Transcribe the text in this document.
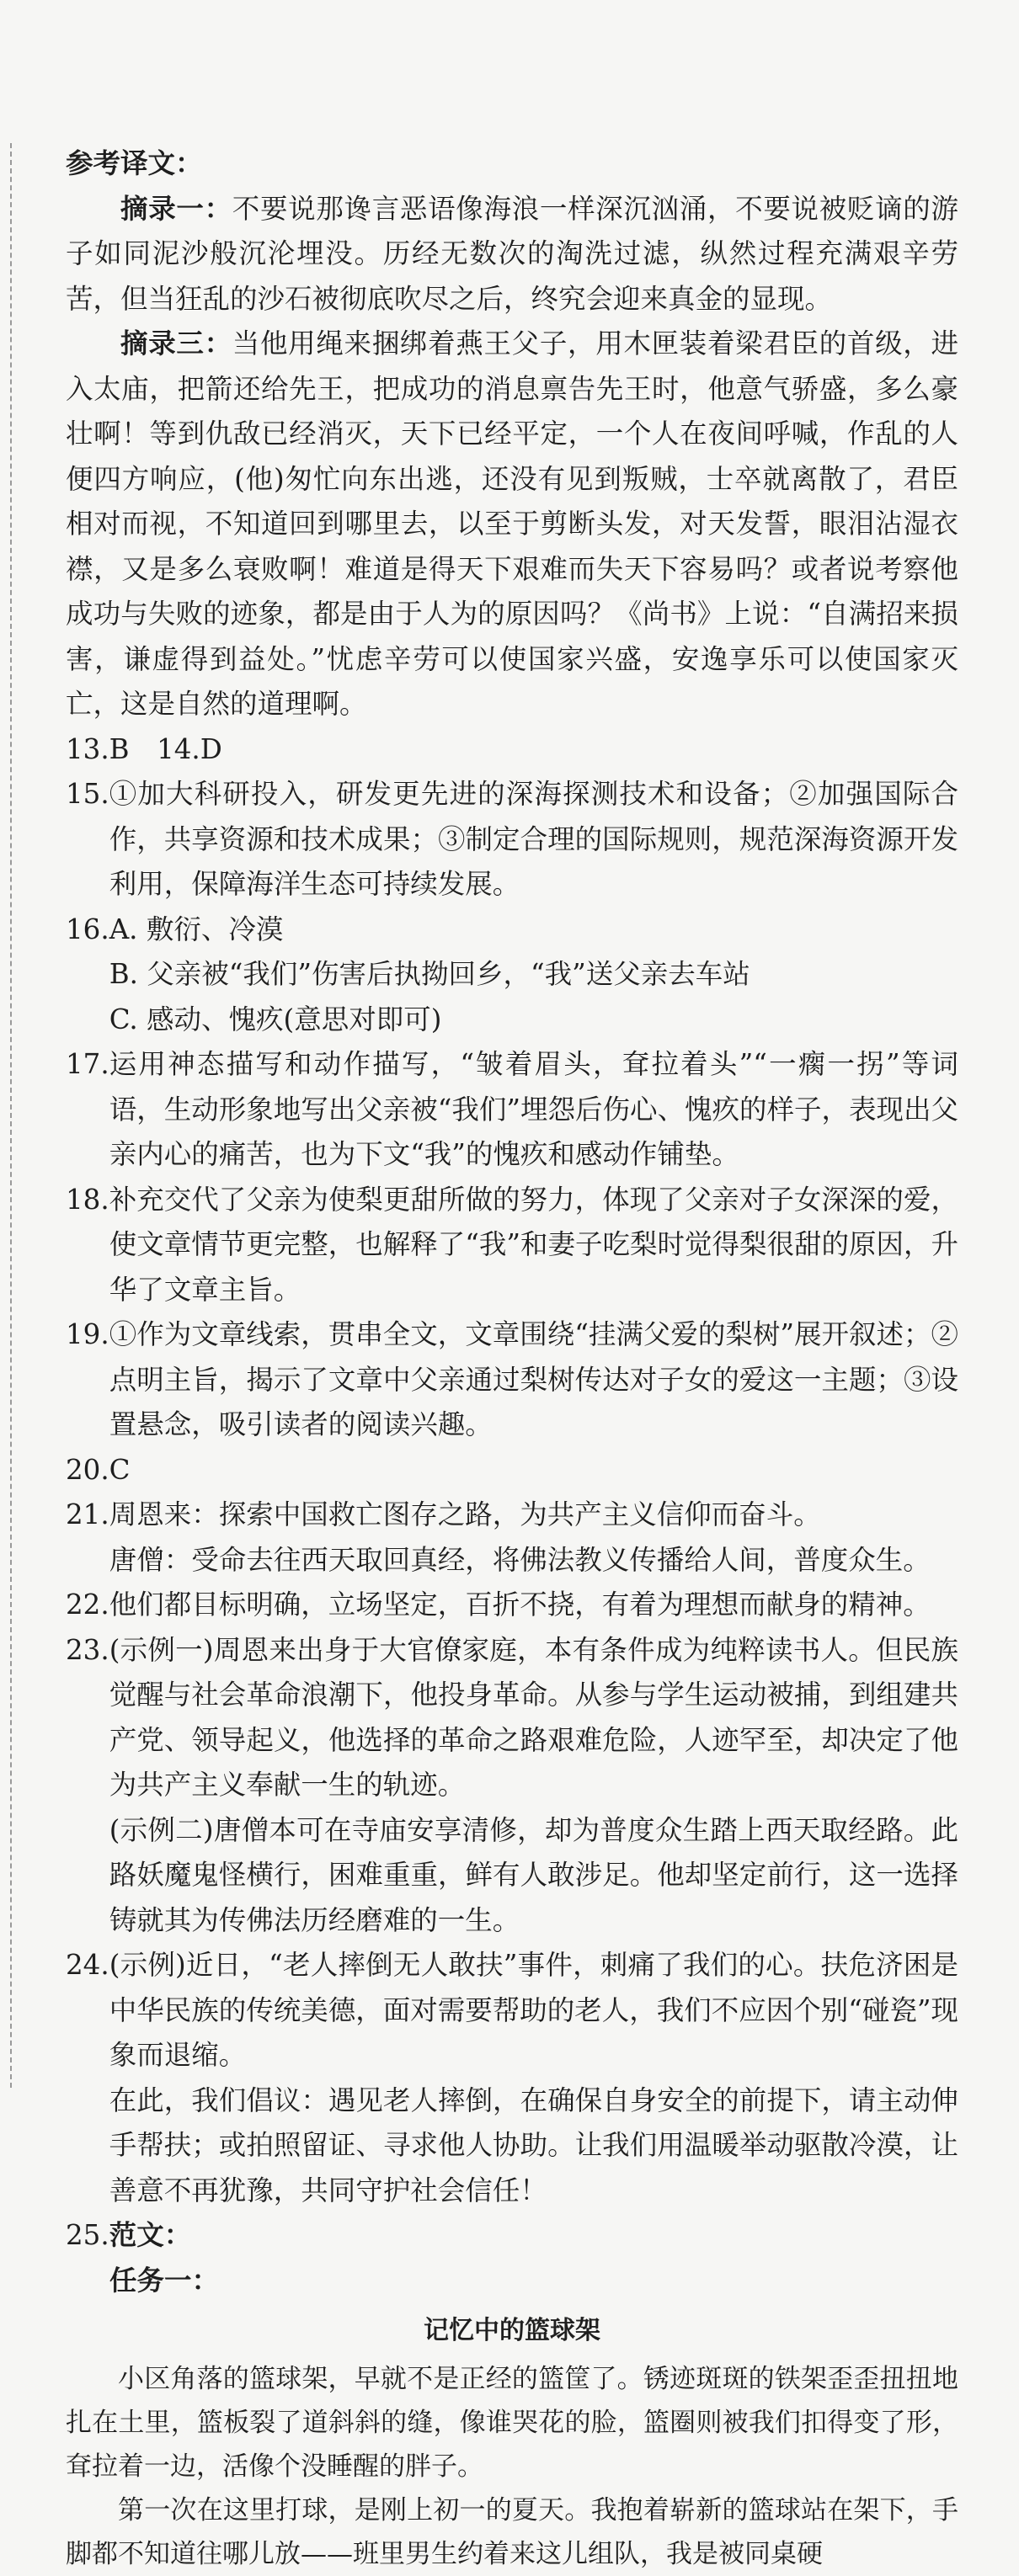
参考译文：

摘录一：不要说那谗言恶语像海浪一样深沉汹涌，不要说被贬谪的游子如同泥沙般沉沦埋没。历经无数次的淘洗过滤，纵然过程充满艰辛劳苦，但当狂乱的沙石被彻底吹尽之后，终究会迎来真金的显现。

摘录三：当他用绳来捆绑着燕王父子，用木匣装着梁君臣的首级，进入太庙，把箭还给先王，把成功的消息禀告先王时，他意气骄盛，多么豪壮啊！等到仇敌已经消灭，天下已经平定，一个人在夜间呼喊，作乱的人便四方响应，(他)匆忙向东出逃，还没有见到叛贼，士卒就离散了，君臣相对而视，不知道回到哪里去，以至于剪断头发，对天发誓，眼泪沾湿衣襟，又是多么衰败啊！难道是得天下艰难而失天下容易吗？或者说考察他成功与失败的迹象，都是由于人为的原因吗？《尚书》上说：“自满招来损害，谦虚得到益处。”忧虑辛劳可以使国家兴盛，安逸享乐可以使国家灭亡，这是自然的道理啊。

13.B　14.D

15. ①加大科研投入，研发更先进的深海探测技术和设备；②加强国际合作，共享资源和技术成果；③制定合理的国际规则，规范深海资源开发利用，保障海洋生态可持续发展。

16. A. 敷衍、冷漠

B. 父亲被“我们”伤害后执拗回乡，“我”送父亲去车站

C. 感动、愧疚(意思对即可)

17. 运用神态描写和动作描写，“皱着眉头，耷拉着头”“一瘸一拐”等词语，生动形象地写出父亲被“我们”埋怨后伤心、愧疚的样子，表现出父亲内心的痛苦，也为下文“我”的愧疚和感动作铺垫。

18. 补充交代了父亲为使梨更甜所做的努力，体现了父亲对子女深深的爱，使文章情节更完整，也解释了“我”和妻子吃梨时觉得梨很甜的原因，升华了文章主旨。

19. ①作为文章线索，贯串全文，文章围绕“挂满父爱的梨树”展开叙述；②点明主旨，揭示了文章中父亲通过梨树传达对子女的爱这一主题；③设置悬念，吸引读者的阅读兴趣。

20.C

21. 周恩来：探索中国救亡图存之路，为共产主义信仰而奋斗。

唐僧：受命去往西天取回真经，将佛法教义传播给人间，普度众生。

22. 他们都目标明确，立场坚定，百折不挠，有着为理想而献身的精神。

23. (示例一)周恩来出身于大官僚家庭，本有条件成为纯粹读书人。但民族觉醒与社会革命浪潮下，他投身革命。从参与学生运动被捕，到组建共产党、领导起义，他选择的革命之路艰难危险，人迹罕至，却决定了他为共产主义奉献一生的轨迹。

(示例二)唐僧本可在寺庙安享清修，却为普度众生踏上西天取经路。此路妖魔鬼怪横行，困难重重，鲜有人敢涉足。他却坚定前行，这一选择铸就其为传佛法历经磨难的一生。

24. (示例)近日，“老人摔倒无人敢扶”事件，刺痛了我们的心。扶危济困是中华民族的传统美德，面对需要帮助的老人，我们不应因个别“碰瓷”现象而退缩。

在此，我们倡议：遇见老人摔倒，在确保自身安全的前提下，请主动伸手帮扶；或拍照留证、寻求他人协助。让我们用温暖举动驱散冷漠，让善意不再犹豫，共同守护社会信任！

25. 范文：

任务一：
记忆中的篮球架

小区角落的篮球架，早就不是正经的篮筐了。锈迹斑斑的铁架歪歪扭扭地扎在土里，篮板裂了道斜斜的缝，像谁哭花的脸，篮圈则被我们扣得变了形，耷拉着一边，活像个没睡醒的胖子。

第一次在这里打球，是刚上初一的夏天。我抱着崭新的篮球站在架下，手脚都不知道往哪儿放——班里男生约着来这儿组队，我是被同桌硬
